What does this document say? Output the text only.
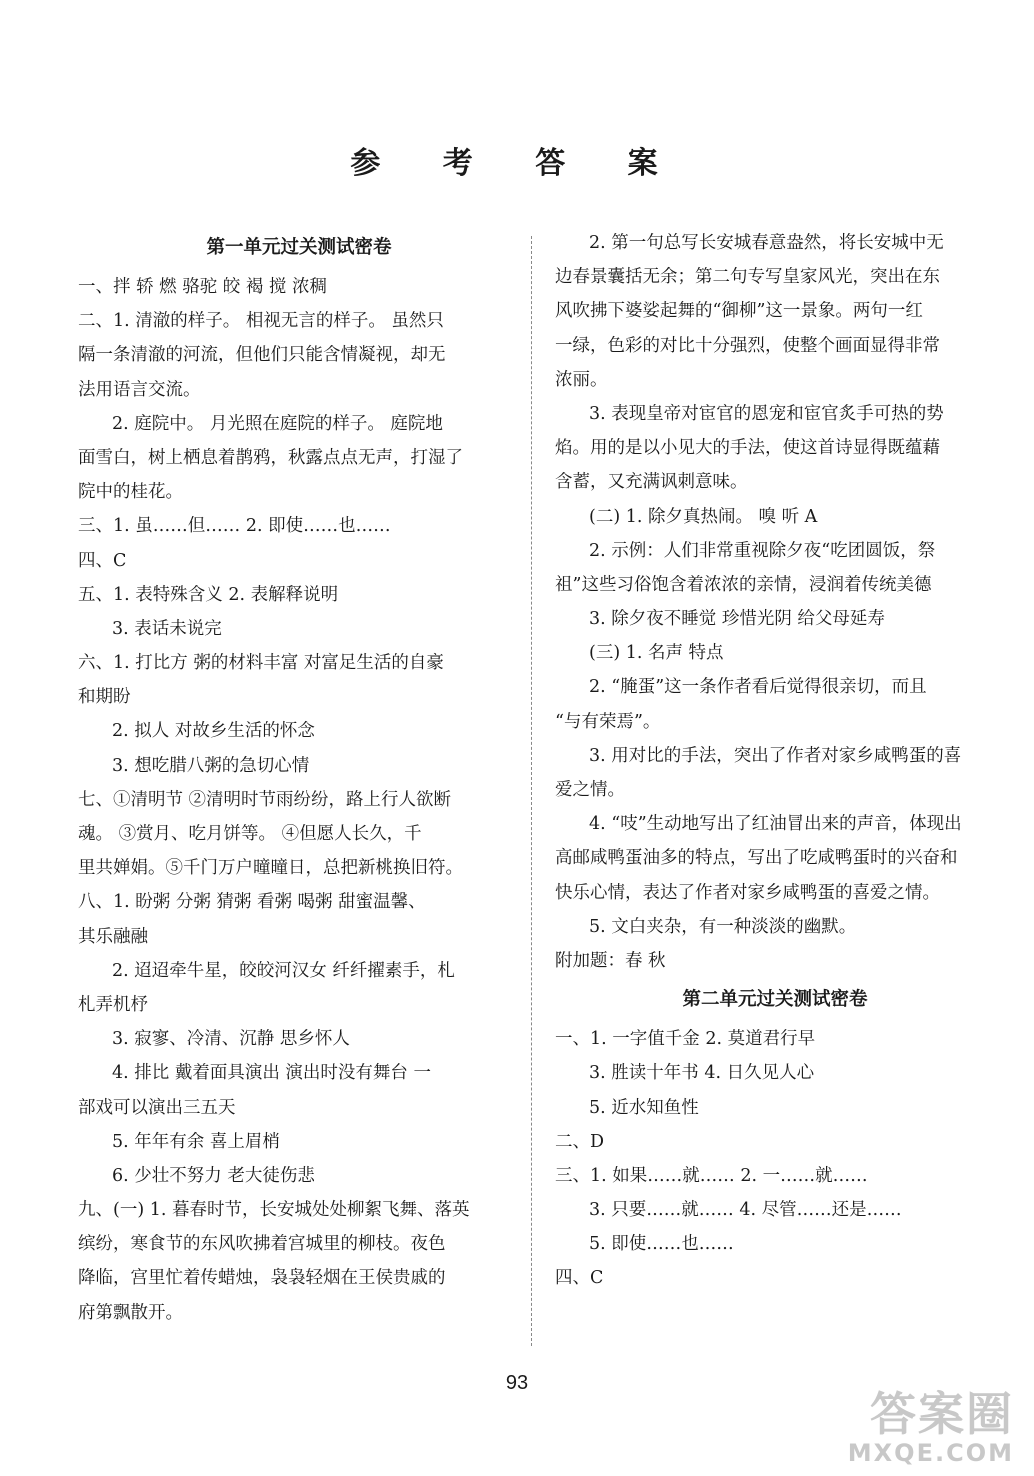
参 考 答 案
第一单元过关测试密卷
一、拌 轿 燃 骆驼 皎 褐 搅 浓稠
二、1. 清澈的样子。 相视无言的样子。 虽然只
隔一条清澈的河流，但他们只能含情凝视，却无
法用语言交流。
2. 庭院中。 月光照在庭院的样子。 庭院地
面雪白，树上栖息着鹊鸦，秋露点点无声，打湿了
院中的桂花。
三、1. 虽……但…… 2. 即使……也……
四、C
五、1. 表特殊含义 2. 表解释说明
3. 表话未说完
六、1. 打比方 粥的材料丰富 对富足生活的自豪
和期盼
2. 拟人 对故乡生活的怀念
3. 想吃腊八粥的急切心情
七、①清明节 ②清明时节雨纷纷，路上行人欲断
魂。 ③赏月、吃月饼等。 ④但愿人长久，千
里共婵娟。⑤千门万户曈曈日，总把新桃换旧符。
八、1. 盼粥 分粥 猜粥 看粥 喝粥 甜蜜温馨、
其乐融融
2. 迢迢牵牛星，皎皎河汉女 纤纤擢素手，札
札弄机杼
3. 寂寥、冷清、沉静 思乡怀人
4. 排比 戴着面具演出 演出时没有舞台 一
部戏可以演出三五天
5. 年年有余 喜上眉梢
6. 少壮不努力 老大徒伤悲
九、(一) 1. 暮春时节，长安城处处柳絮飞舞、落英
缤纷，寒食节的东风吹拂着宫城里的柳枝。夜色
降临，宫里忙着传蜡烛，袅袅轻烟在王侯贵戚的
府第飘散开。
2. 第一句总写长安城春意盎然，将长安城中无
边春景囊括无余；第二句专写皇家风光，突出在东
风吹拂下婆娑起舞的“御柳”这一景象。两句一红
一绿，色彩的对比十分强烈，使整个画面显得非常
浓丽。
3. 表现皇帝对宦官的恩宠和宦官炙手可热的势
焰。用的是以小见大的手法，使这首诗显得既蕴藉
含蓄，又充满讽刺意味。
(二) 1. 除夕真热闹。 嗅 听 A
2. 示例：人们非常重视除夕夜“吃团圆饭，祭
祖”这些习俗饱含着浓浓的亲情，浸润着传统美德
3. 除夕夜不睡觉 珍惜光阴 给父母延寿
(三) 1. 名声 特点
2. “腌蛋”这一条作者看后觉得很亲切，而且
“与有荣焉”。
3. 用对比的手法，突出了作者对家乡咸鸭蛋的喜
爱之情。
4. “吱”生动地写出了红油冒出来的声音，体现出
高邮咸鸭蛋油多的特点，写出了吃咸鸭蛋时的兴奋和
快乐心情，表达了作者对家乡咸鸭蛋的喜爱之情。
5. 文白夹杂，有一种淡淡的幽默。
附加题：春 秋
第二单元过关测试密卷
一、1. 一字值千金 2. 莫道君行早
3. 胜读十年书 4. 日久见人心
5. 近水知鱼性
二、D
三、1. 如果……就…… 2. 一……就……
3. 只要……就…… 4. 尽管……还是……
5. 即使……也……
四、C
93
答案圈
MXQE.COM
